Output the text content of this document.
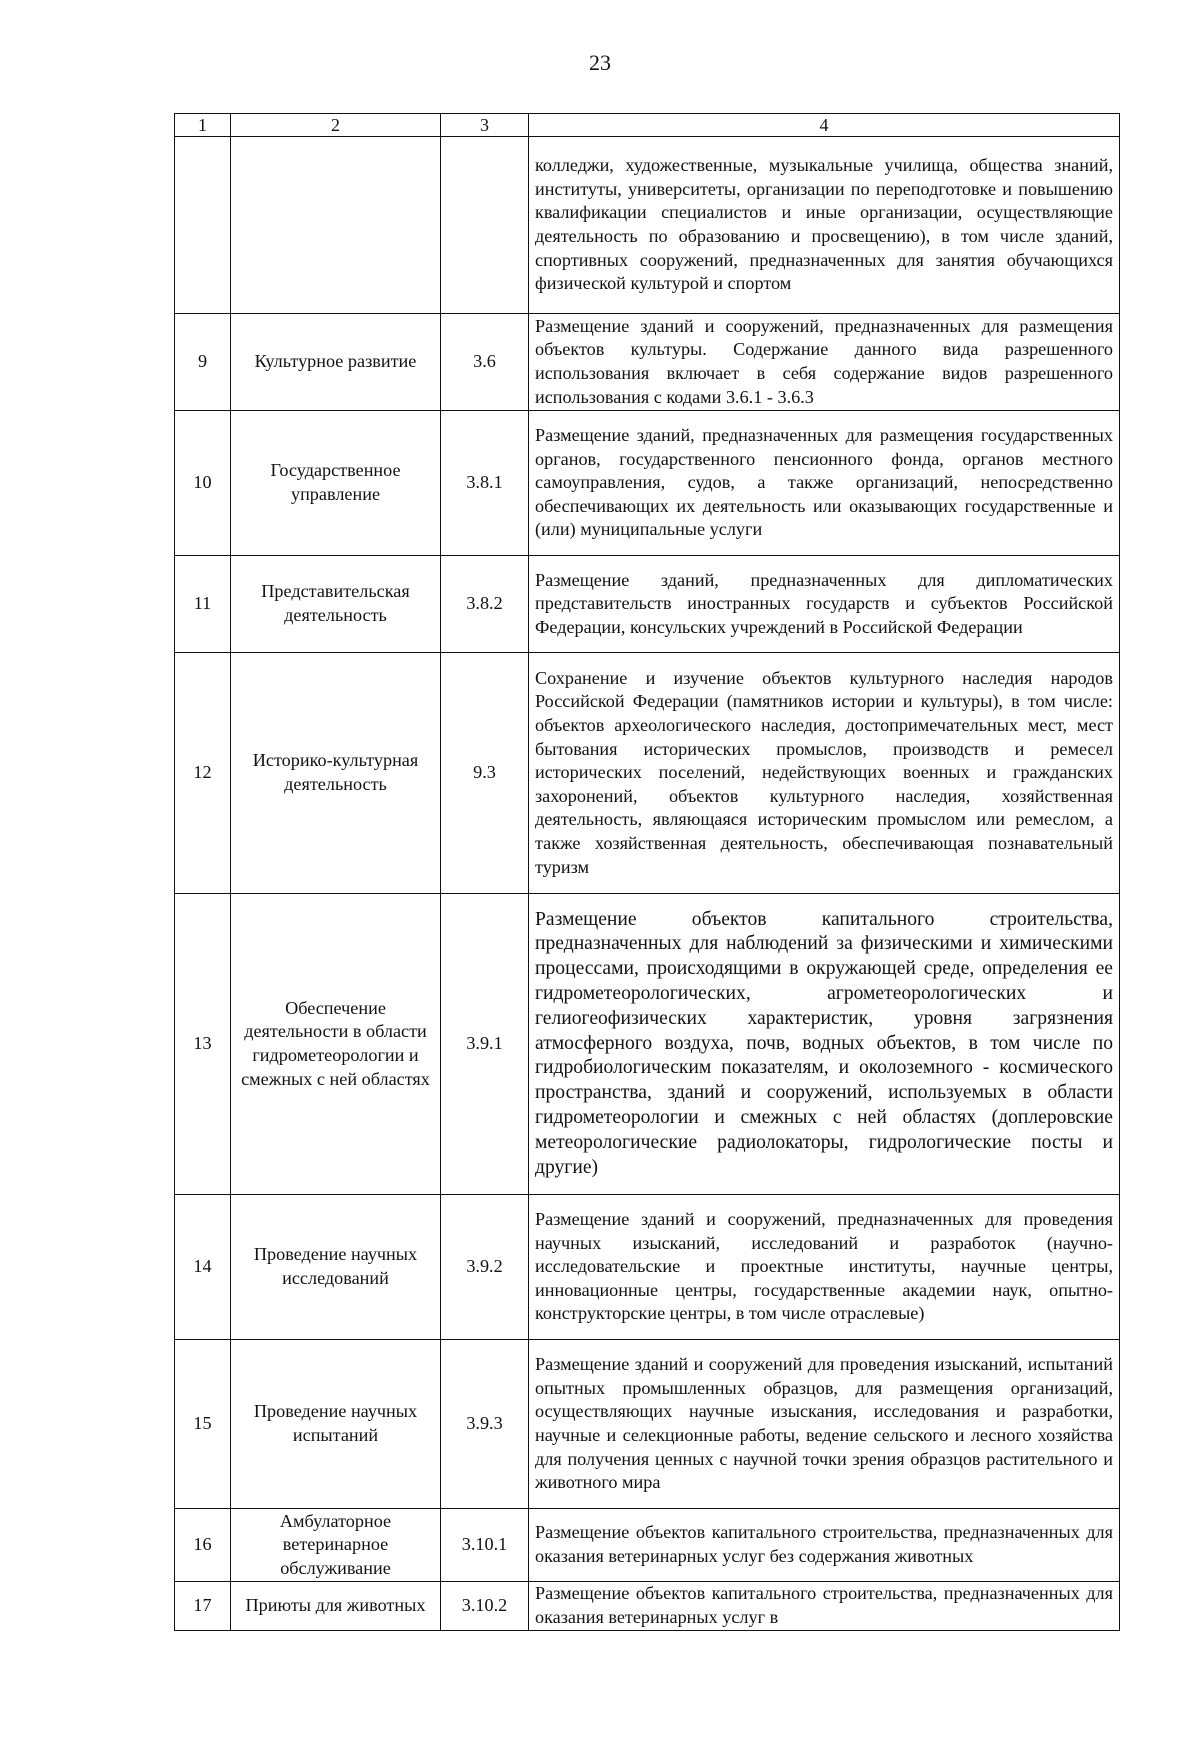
23
1	2	3	4
			колледжи, художественные, музыкальные училища, общества знаний, институты, университеты, организации по переподготовке и повышению квалификации специалистов и иные организации, осуществляющие деятельность по образованию и просвещению), в том числе зданий, спортивных сооружений, предназначенных для занятия обучающихся физической культурой и спортом
9	Культурное развитие	3.6	Размещение зданий и сооружений, предназначенных для размещения объектов культуры. Содержание данного вида разрешенного использования включает в себя содержание видов разрешенного использования с кодами 3.6.1 - 3.6.3
10	Государственное управление	3.8.1	Размещение зданий, предназначенных для размещения государственных органов, государственного пенсионного фонда, органов местного самоуправления, судов, а также организаций, непосредственно обеспечивающих их деятельность или оказывающих государственные и (или) муниципальные услуги
11	Представительская деятельность	3.8.2	Размещение зданий, предназначенных для дипломатических представительств иностранных государств и субъектов Российской Федерации, консульских учреждений в Российской Федерации
12	Историко-культурная деятельность	9.3	Сохранение и изучение объектов культурного наследия народов Российской Федерации (памятников истории и культуры), в том числе: объектов археологического наследия, достопримечательных мест, мест бытования исторических промыслов, производств и ремесел исторических поселений, недействующих военных и гражданских захоронений, объектов культурного наследия, хозяйственная деятельность, являющаяся историческим промыслом или ремеслом, а также хозяйственная деятельность, обеспечивающая познавательный туризм
13	Обеспечение деятельности в области гидрометеорологии и смежных с ней областях	3.9.1	Размещение объектов капитального строительства, предназначенных для наблюдений за физическими и химическими процессами, происходящими в окружающей среде, определения ее гидрометеорологических, агрометеорологических и гелиогеофизических характеристик, уровня загрязнения атмосферного воздуха, почв, водных объектов, в том числе по гидробиологическим показателям, и околоземного - космического пространства, зданий и сооружений, используемых в области гидрометеорологии и смежных с ней областях (доплеровские метеорологические радиолокаторы, гидрологические посты и другие)
14	Проведение научных исследований	3.9.2	Размещение зданий и сооружений, предназначенных для проведения научных изысканий, исследований и разработок (научно-исследовательские и проектные институты, научные центры, инновационные центры, государственные академии наук, опытно-конструкторские центры, в том числе отраслевые)
15	Проведение научных испытаний	3.9.3	Размещение зданий и сооружений для проведения изысканий, испытаний опытных промышленных образцов, для размещения организаций, осуществляющих научные изыскания, исследования и разработки, научные и селекционные работы, ведение сельского и лесного хозяйства для получения ценных с научной точки зрения образцов растительного и животного мира
16	Амбулаторное ветеринарное обслуживание	3.10.1	Размещение объектов капитального строительства, предназначенных для оказания ветеринарных услуг без содержания животных
17	Приюты для животных	3.10.2	Размещение объектов капитального строительства, предназначенных для оказания ветеринарных услуг в
